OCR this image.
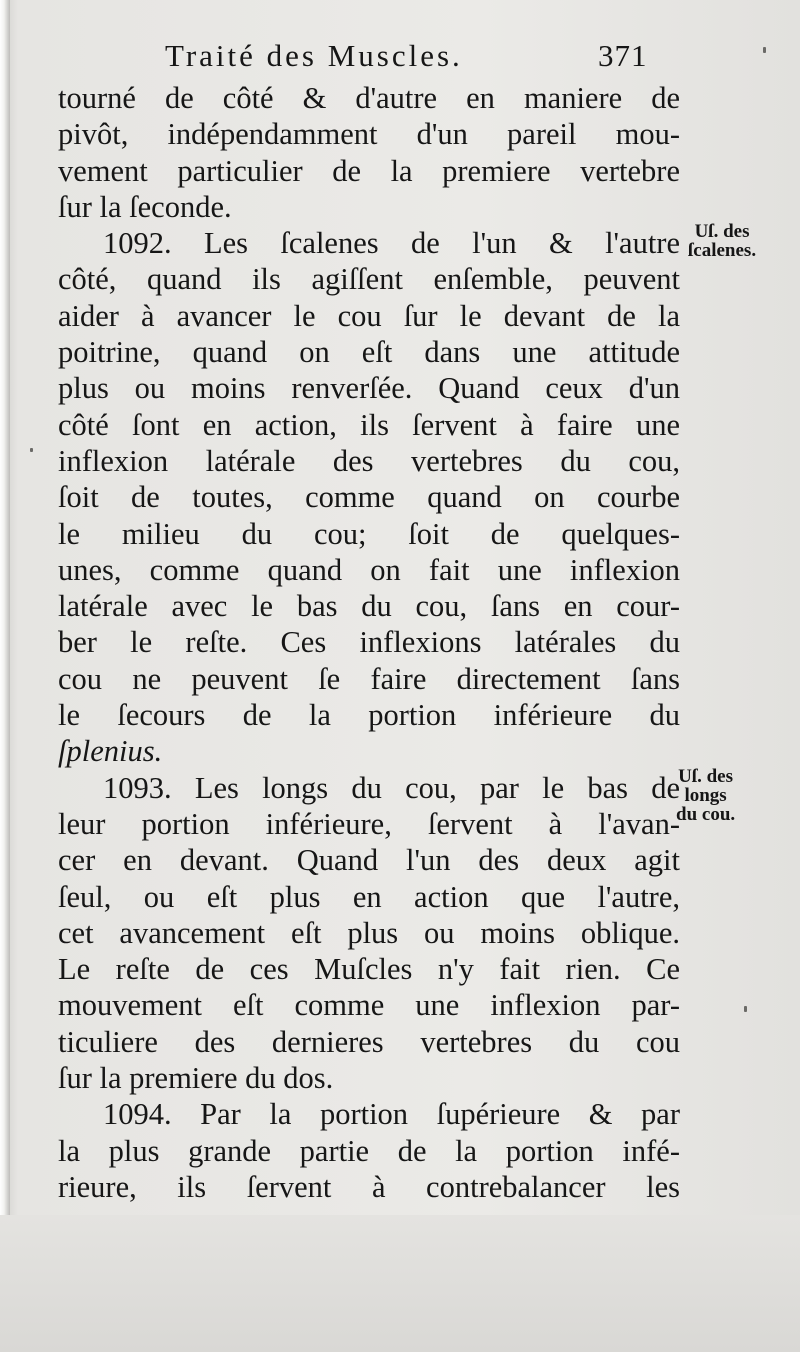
Traité des Muscles.	371
tourné de côté & d'autre en maniere de
pivôt, indépendamment d'un pareil mou-
vement particulier de la premiere vertebre
ſur la ſeconde.
1092. Les ſcalenes de l'un & l'autre
côté, quand ils agiſſent enſemble, peuvent
aider à avancer le cou ſur le devant de la
poitrine, quand on eſt dans une attitude
plus ou moins renverſée. Quand ceux d'un
côté ſont en action, ils ſervent à faire une
inflexion latérale des vertebres du cou,
ſoit de toutes, comme quand on courbe
le milieu du cou; ſoit de quelques-
unes, comme quand on fait une inflexion
latérale avec le bas du cou, ſans en cour-
ber le reſte. Ces inflexions latérales du
cou ne peuvent ſe faire directement ſans
le ſecours de la portion inférieure du
ſplenius.
1093. Les longs du cou, par le bas de
leur portion inférieure, ſervent à l'avan-
cer en devant. Quand l'un des deux agit
ſeul, ou eſt plus en action que l'autre,
cet avancement eſt plus ou moins oblique.
Le reſte de ces Muſcles n'y fait rien. Ce
mouvement eſt comme une inflexion par-
ticuliere des dernieres vertebres du cou
ſur la premiere du dos.
1094. Par la portion ſupérieure & par
la plus grande partie de la portion infé-
rieure, ils ſervent à contrebalancer les
Uſ. des
ſcalenes.
Uſ. des
longs
du cou.
